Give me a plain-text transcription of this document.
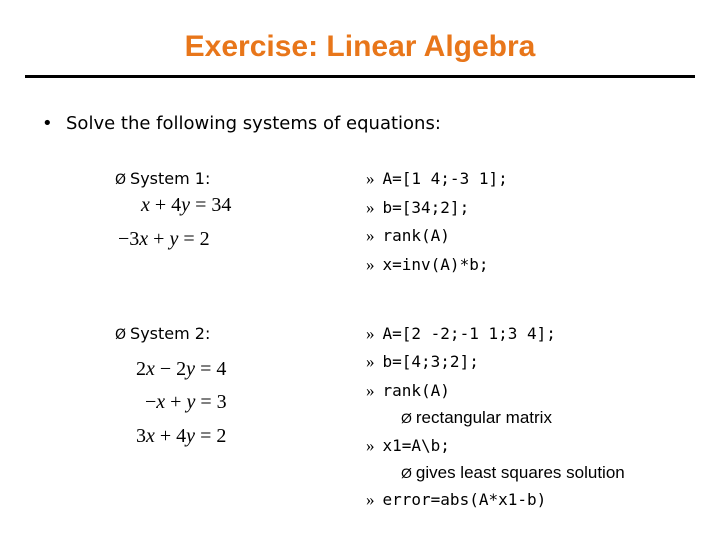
Exercise: Linear Algebra
• Solve the following systems of equations:
Ø System 1:
x + 4y = 34
−3x + y = 2
» A=[1 4;-3 1];
» b=[34;2];
» rank(A)
» x=inv(A)*b;
Ø System 2:
2x − 2y = 4
−x + y = 3
3x + 4y = 2
» A=[2 -2;-1 1;3 4];
» b=[4;3;2];
» rank(A)
Ø rectangular matrix
» x1=A\b;
Ø gives least squares solution
» error=abs(A*x1-b)
